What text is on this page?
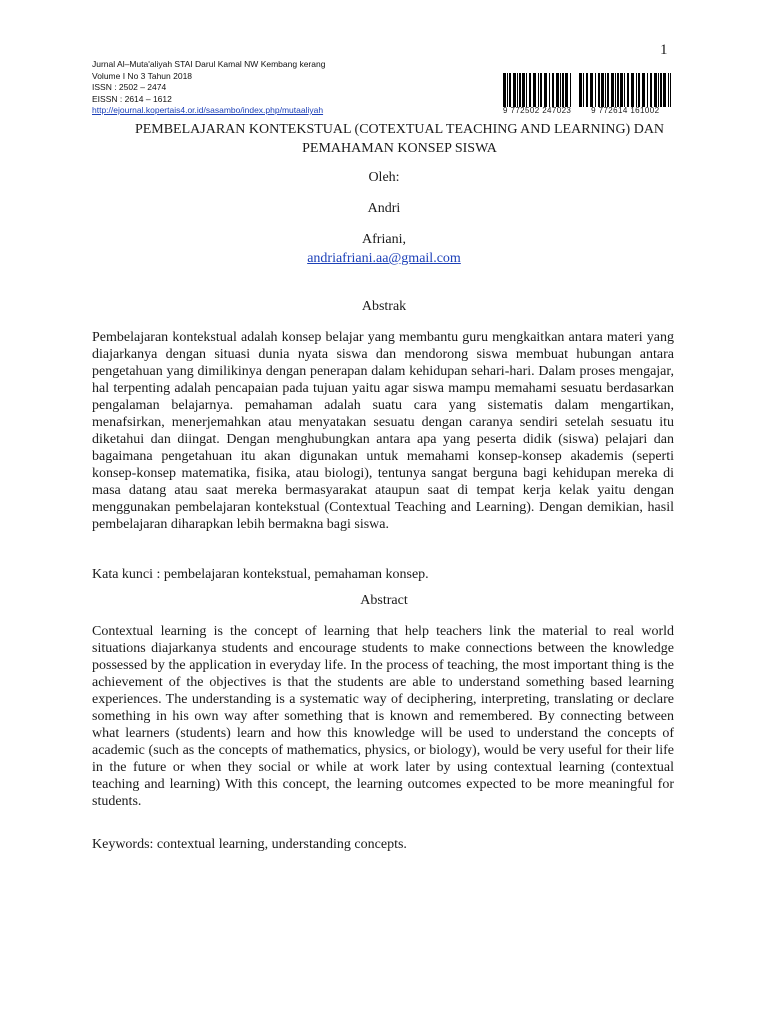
1
Jurnal Al–Muta'aliyah STAI Darul Kamal NW Kembang kerang
Volume I No 3 Tahun 2018
ISSN : 2502 – 2474
EISSN : 2614 – 1612
http://ejournal.kopertais4.or.id/sasambo/index.php/mutaaliyah	9 772502 247023 9 772614 161002
PEMBELAJARAN KONTEKSTUAL (COTEXTUAL TEACHING AND LEARNING) DAN PEMAHAMAN KONSEP SISWA
Oleh:
Andri
Afriani,
andriafriani.aa@gmail.com
Abstrak
Pembelajaran kontekstual adalah konsep belajar yang membantu guru mengkaitkan antara materi yang diajarkanya dengan situasi dunia nyata siswa dan mendorong siswa membuat hubungan antara pengetahuan yang dimilikinya dengan penerapan dalam kehidupan sehari-hari. Dalam proses mengajar, hal terpenting adalah pencapaian pada tujuan yaitu agar siswa mampu memahami sesuatu berdasarkan pengalaman belajarnya. pemahaman adalah suatu cara yang sistematis dalam mengartikan, menafsirkan, menerjemahkan atau menyatakan sesuatu dengan caranya sendiri setelah sesuatu itu diketahui dan diingat. Dengan menghubungkan antara apa yang peserta didik (siswa) pelajari dan bagaimana pengetahuan itu akan digunakan untuk memahami konsep-konsep akademis (seperti konsep-konsep matematika, fisika, atau biologi), tentunya sangat berguna bagi kehidupan mereka di masa datang atau saat mereka bermasyarakat ataupun saat di tempat kerja kelak yaitu dengan menggunakan pembelajaran kontekstual (Contextual Teaching and Learning). Dengan demikian, hasil pembelajaran diharapkan lebih bermakna bagi siswa.
Kata kunci : pembelajaran kontekstual, pemahaman konsep.
Abstract
Contextual learning is the concept of learning that help teachers link the material to real world situations diajarkanya students and encourage students to make connections between the knowledge possessed by the application in everyday life. In the process of teaching, the most important thing is the achievement of the objectives is that the students are able to understand something based learning experiences. The understanding is a systematic way of deciphering, interpreting, translating or declare something in his own way after something that is known and remembered. By connecting between what learners (students) learn and how this knowledge will be used to understand the concepts of academic (such as the concepts of mathematics, physics, or biology), would be very useful for their life in the future or when they social or while at work later by using contextual learning (contextual teaching and learning) With this concept, the learning outcomes expected to be more meaningful for students.
Keywords: contextual learning, understanding concepts.
